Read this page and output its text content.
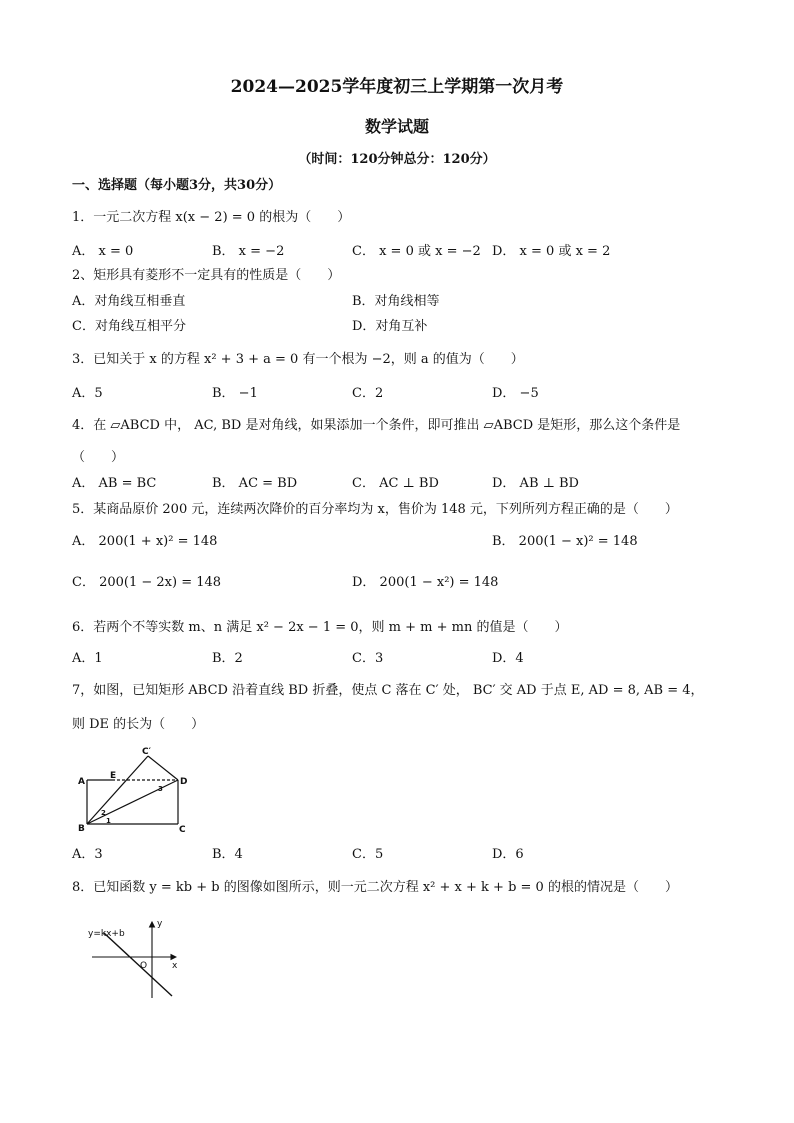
2024—2025学年度初三上学期第一次月考
数学试题
（时间：120分钟总分：120分）
一、选择题（每小题3分，共30分）
1．一元二次方程 x(x − 2) = 0 的根为（　　）
A． x = 0	B． x = −2	C． x = 0 或 x = −2 D． x = 0 或 x = 2
2、矩形具有菱形不一定具有的性质是（　　）
A．对角线互相垂直	B．对角线相等
C．对角线互相平分	D．对角互补
3．已知关于 x 的方程 x² + 3 + a = 0 有一个根为 −2，则 a 的值为（　　）
A．5	B． −1	C．2	D． −5
4．在 ▱ABCD 中， AC, BD 是对角线，如果添加一个条件，即可推出 ▱ABCD 是矩形，那么这个条件是
（　　）
A． AB = BC	B． AC = BD	C． AC ⊥ BD	D． AB ⊥ BD
5．某商品原价 200 元，连续两次降价的百分率均为 x，售价为 148 元，下列所列方程正确的是（　　）
A． 200(1 + x)² = 148	B． 200(1 − x)² = 148
C． 200(1 − 2x) = 148	D． 200(1 − x²) = 148
6．若两个不等实数 m、n 满足 x² − 2x − 1 = 0，则 m + m + mn 的值是（　　）
A．1	B．2	C．3	D．4
7，如图，已知矩形 ABCD 沿着直线 BD 折叠，使点 C 落在 C′ 处， BC′ 交 AD 于点 E, AD = 8, AB = 4，
则 DE 的长为（　　）
A
E
C′
D
B	C
1
2
3
A．3	B．4	C．5	D．6
8．已知函数 y = kb + b 的图像如图所示，则一元二次方程 x² + x + k + b = 0 的根的情况是（　　）
y=kx+b
y
O	x
